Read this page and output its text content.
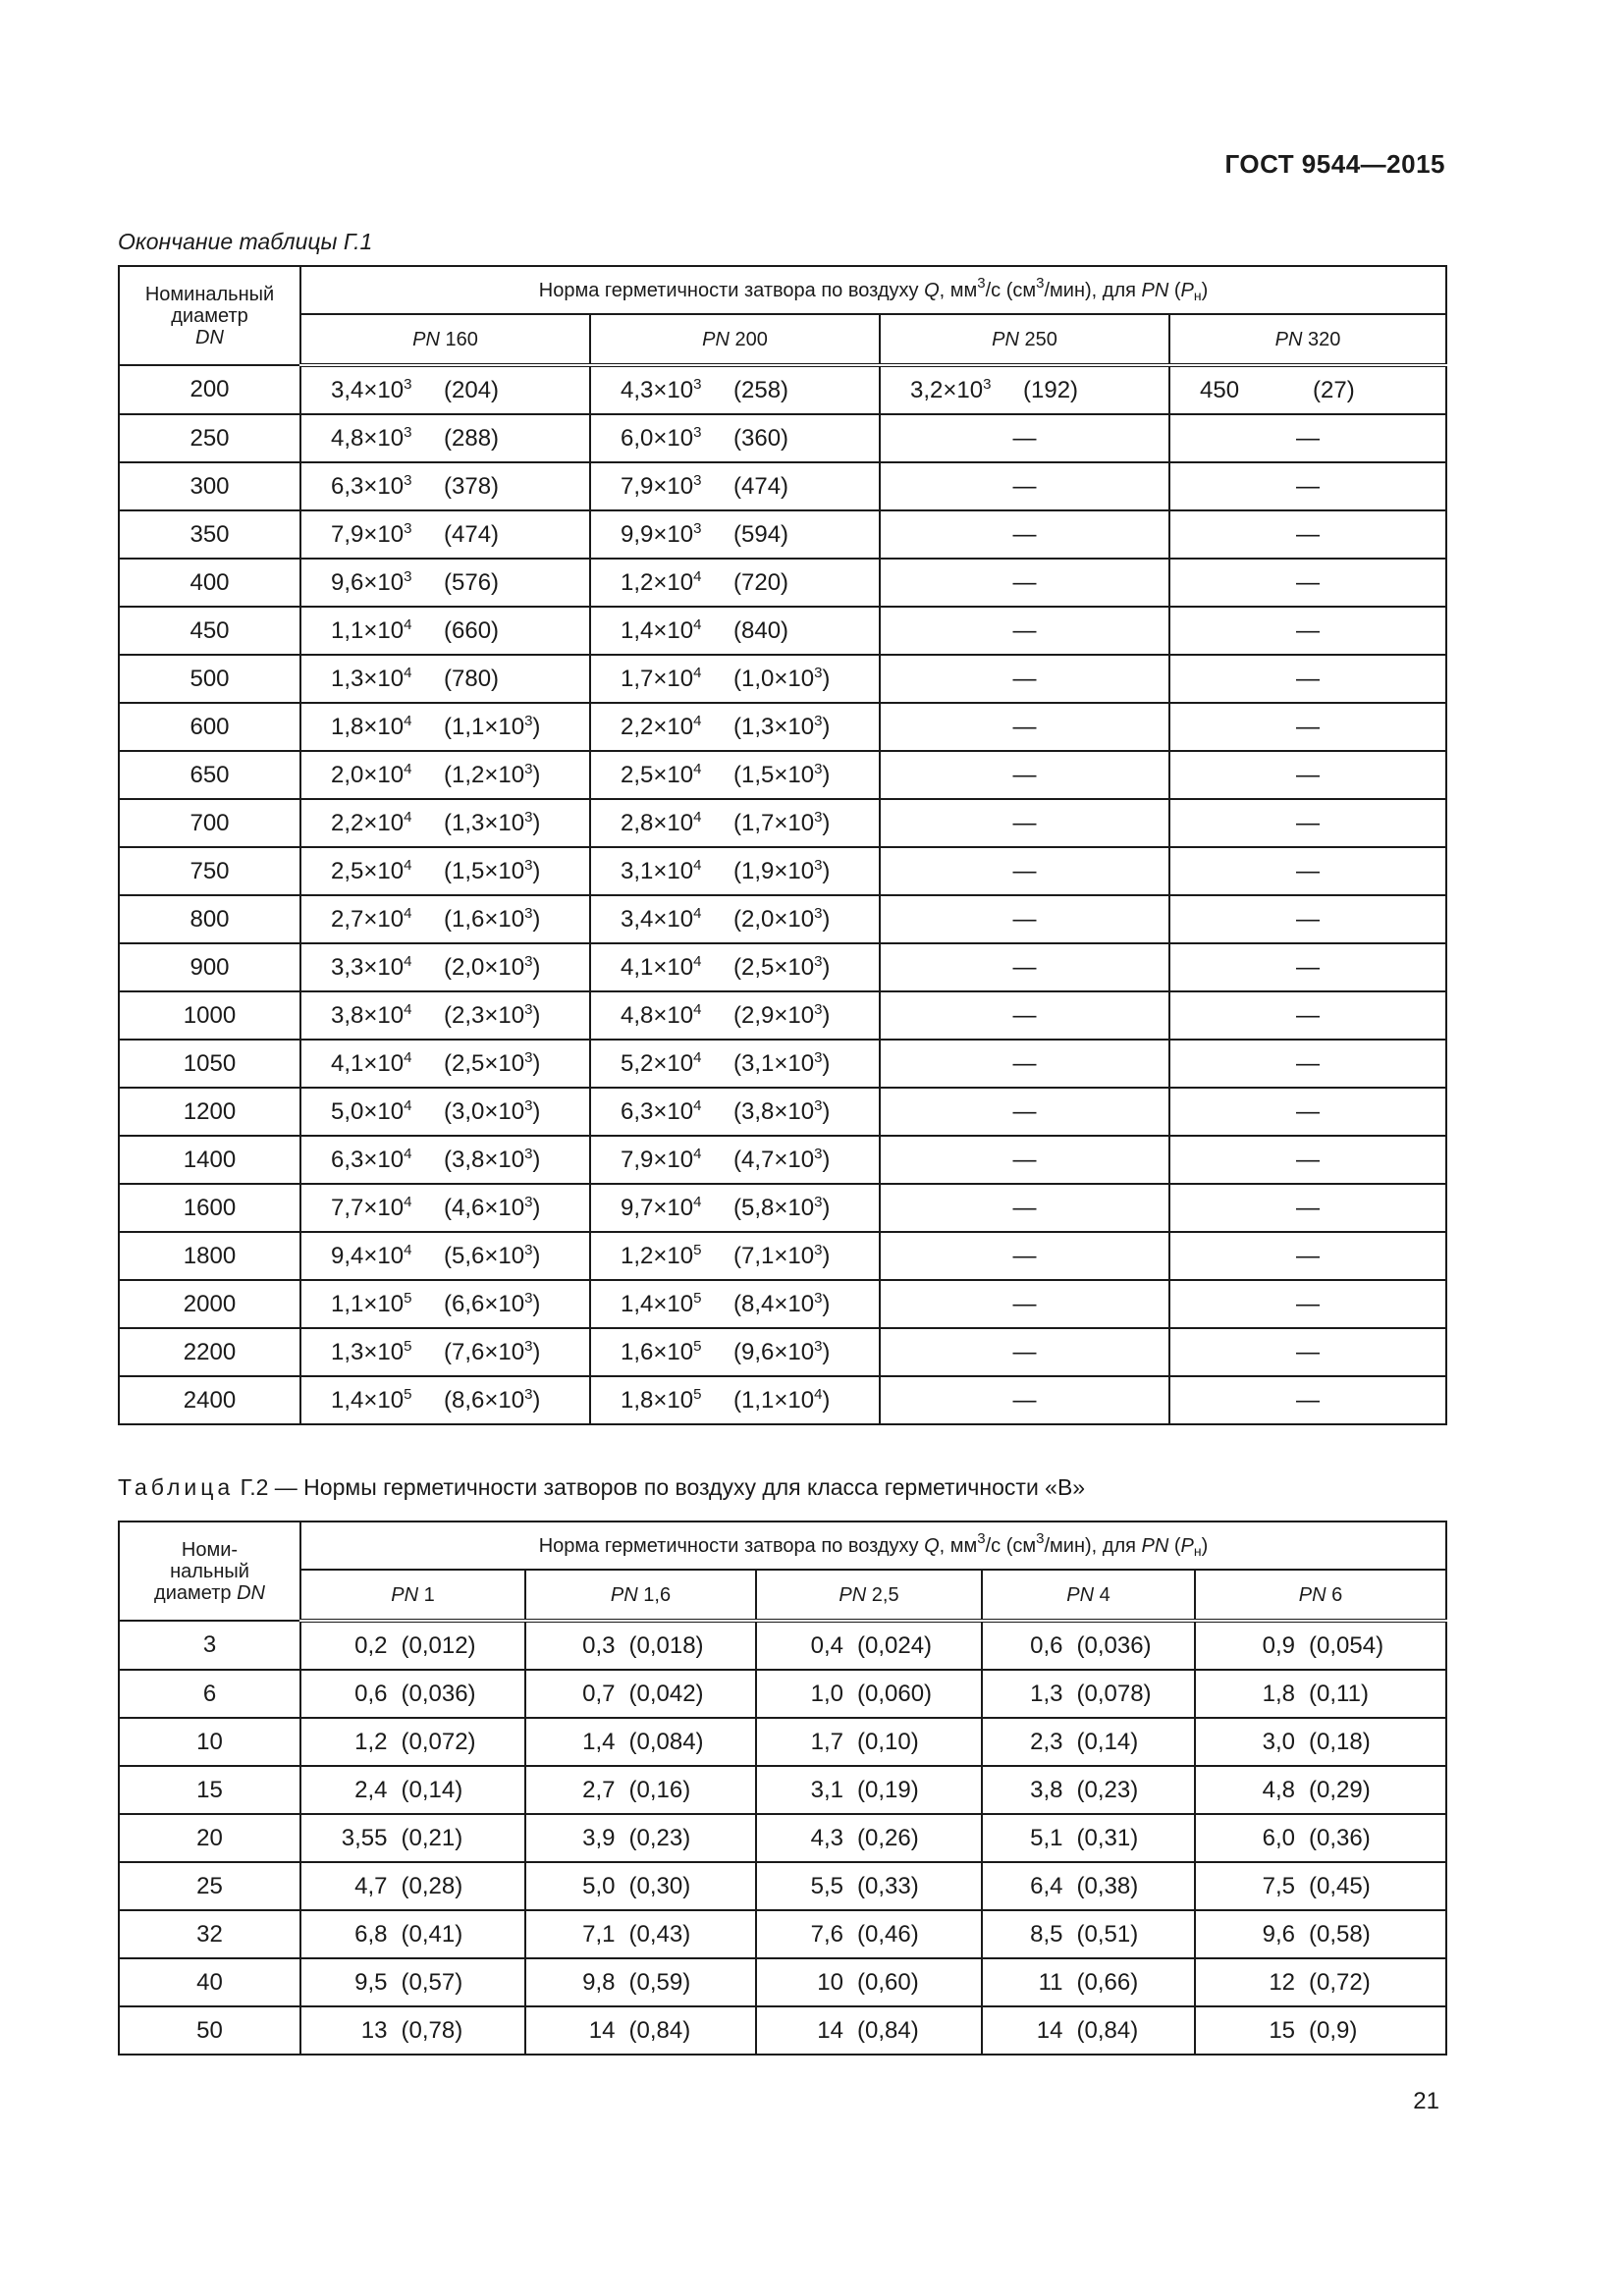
ГОСТ 9544—2015
Окончание таблицы Г.1
Номинальный
диаметр
DN	Норма герметичности затвора по воздуху Q, $мм^3/с$ $(см^3/мин)$, для PN $(P_н)$			
	PN 160	PN 200	PN 250	PN 320
200	$3,4\times 10^3$ (204)	$4,3\times 10^3$ (258)	$3,2\times 10^3$ (192)	450 (27)

250	$4,8\times 10^3$ (288)	$6,0\times 10^3$ (360)	—	—
300	$6,3\times 10^3$ (378)	$7,9\times 10^3$ (474)	—	—
350	$7,9\times 10^3$ (474)	$9,9\times 10^3$ (594)	—	—
400	$9,6\times 10^3$ (576)	$1,2\times 10^4$ (720)	—	—
450	$1,1\times 10^4$ (660)	$1,4\times 10^4$ (840)	—	—
500	$1,3\times 10^4$ (780)	$1,7\times 10^4$ $(1,0\times 10^3)$	—	—
600	$1,8\times 10^4$ $(1,1\times 10^3)$	$2,2\times 10^4$ $(1,3\times 10^3)$	—	—
650	$2,0\times 10^4$ $(1,2\times 10^3)$	$2,5\times 10^4$ $(1,5\times 10^3)$	—	—
700	$2,2\times 10^4$ $(1,3\times 10^3)$	$2,8\times 10^4$ $(1,7\times 10^3)$	—	—
750	$2,5\times 10^4$ $(1,5\times 10^3)$	$3,1\times 10^4$ $(1,9\times 10^3)$	—	—
800	$2,7\times 10^4$ $(1,6\times 10^3)$	$3,4\times 10^4$ $(2,0\times 10^3)$	—	—
900	$3,3\times 10^4$ $(2,0\times 10^3)$	$4,1\times 10^4$ $(2,5\times 10^3)$	—	—
1000	$3,8\times 10^4$ $(2,3\times 10^3)$	$4,8\times 10^4$ $(2,9\times 10^3)$	—	—
1050	$4,1\times 10^4$ $(2,5\times 10^3)$	$5,2\times 10^4$ $(3,1\times 10^3)$	—	—
1200	$5,0\times 10^4$ $(3,0\times 10^3)$	$6,3\times 10^4$ $(3,8\times 10^3)$	—	—
1400	$6,3\times 10^4$ $(3,8\times 10^3)$	$7,9\times 10^4$ $(4,7\times 10^3)$	—	—
1600	$7,7\times 10^4$ $(4,6\times 10^3)$	$9,7\times 10^4$ $(5,8\times 10^3)$	—	—
1800	$9,4\times 10^4$ $(5,6\times 10^3)$	$1,2\times 10^5$ $(7,1\times 10^3)$	—	—
2000	$1,1\times 10^5$ $(6,6\times 10^3)$	$1,4\times 10^5$ $(8,4\times 10^3)$	—	—
2200	$1,3\times 10^5$ $(7,6\times 10^3)$	$1,6\times 10^5$ $(9,6\times 10^3)$	—	—
2400	$1,4\times 10^5$ $(8,6\times 10^3)$	$1,8\times 10^5$ $(1,1\times 10^4)$	—	—
Таблица Г.2 — Нормы герметичности затворов по воздуху для класса герметичности «В»
Номи-
нальный
диаметр DN	Норма герметичности затвора по воздуху Q, $мм^3/с$ $(см^3/мин)$, для PN $(P_н)$				
	PN 1	PN 1,6	PN 2,5	PN 4	PN 6
3	0,2 (0,012)	0,3 (0,018)	0,4 (0,024)	0,6 (0,036)	0,9 (0,054)

6	0,6 (0,036)	0,7 (0,042)	1,0 (0,060)	1,3 (0,078)	1,8 (0,11)

10	1,2 (0,072)	1,4 (0,084)	1,7 (0,10)	2,3 (0,14)	3,0 (0,18)

15	2,4 (0,14)	2,7 (0,16)	3,1 (0,19)	3,8 (0,23)	4,8 (0,29)

20	3,55 (0,21)	3,9 (0,23)	4,3 (0,26)	5,1 (0,31)	6,0 (0,36)

25	4,7 (0,28)	5,0 (0,30)	5,5 (0,33)	6,4 (0,38)	7,5 (0,45)

32	6,8 (0,41)	7,1 (0,43)	7,6 (0,46)	8,5 (0,51)	9,6 (0,58)

40	9,5 (0,57)	9,8 (0,59)	10 (0,60)	11 (0,66)	12 (0,72)

50	13 (0,78)	14 (0,84)	14 (0,84)	14 (0,84)	15 (0,9)
21
